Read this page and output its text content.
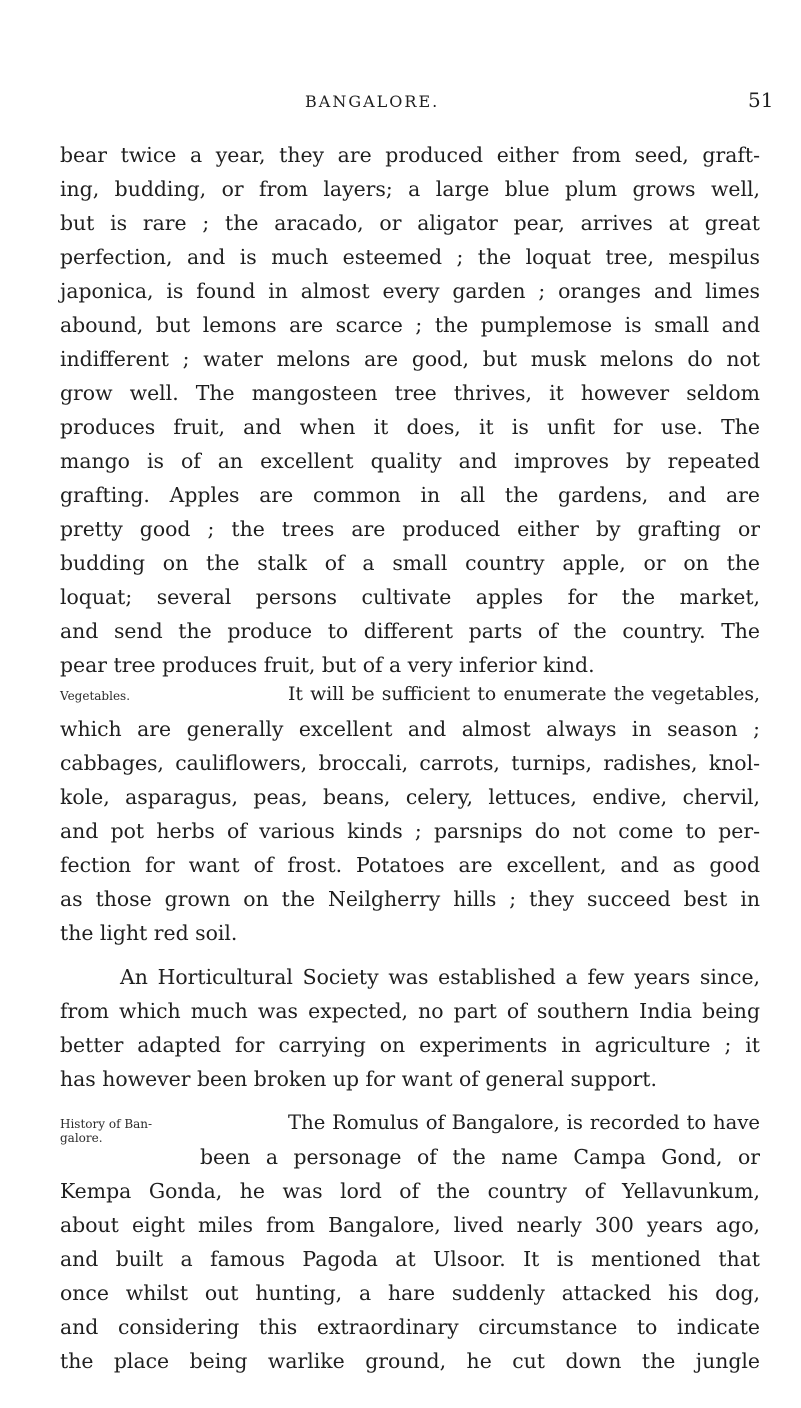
BANGALORE.	51
bear twice a year, they are produced either from seed, graft-
ing, budding, or from layers; a large blue plum grows well,
but is rare ; the aracado, or aligator pear, arrives at great
perfection, and is much esteemed ; the loquat tree, mespilus
japonica, is found in almost every garden ; oranges and limes
abound, but lemons are scarce ; the pumplemose is small and
indifferent ; water melons are good, but musk melons do not
grow well. The mangosteen tree thrives, it however seldom
produces fruit, and when it does, it is unfit for use. The
mango is of an excellent quality and improves by repeated
grafting. Apples are common in all the gardens, and are
pretty good ; the trees are produced either by grafting or
budding on the stalk of a small country apple, or on the
loquat; several persons cultivate apples for the market,
and send the produce to different parts of the country. The
pear tree produces fruit, but of a very inferior kind.
Vegetables.	It will be sufficient to enumerate the vegetables,
which are generally excellent and almost always in season ;
cabbages, cauliflowers, broccali, carrots, turnips, radishes, knol-
kole, asparagus, peas, beans, celery, lettuces, endive, chervil,
and pot herbs of various kinds ; parsnips do not come to per-
fection for want of frost. Potatoes are excellent, and as good
as those grown on the Neilgherry hills ; they succeed best in
the light red soil.
An Horticultural Society was established a few years since,
from which much was expected, no part of southern India being
better adapted for carrying on experiments in agriculture ; it
has however been broken up for want of general support.
History of Ban-
galore.
The Romulus of Bangalore, is recorded to have
been a personage of the name Campa Gond, or
Kempa Gonda, he was lord of the country of Yellavunkum,
about eight miles from Bangalore, lived nearly 300 years ago,
and built a famous Pagoda at Ulsoor. It is mentioned that
once whilst out hunting, a hare suddenly attacked his dog,
and considering this extraordinary circumstance to indicate
the place being warlike ground, he cut down the jungle
